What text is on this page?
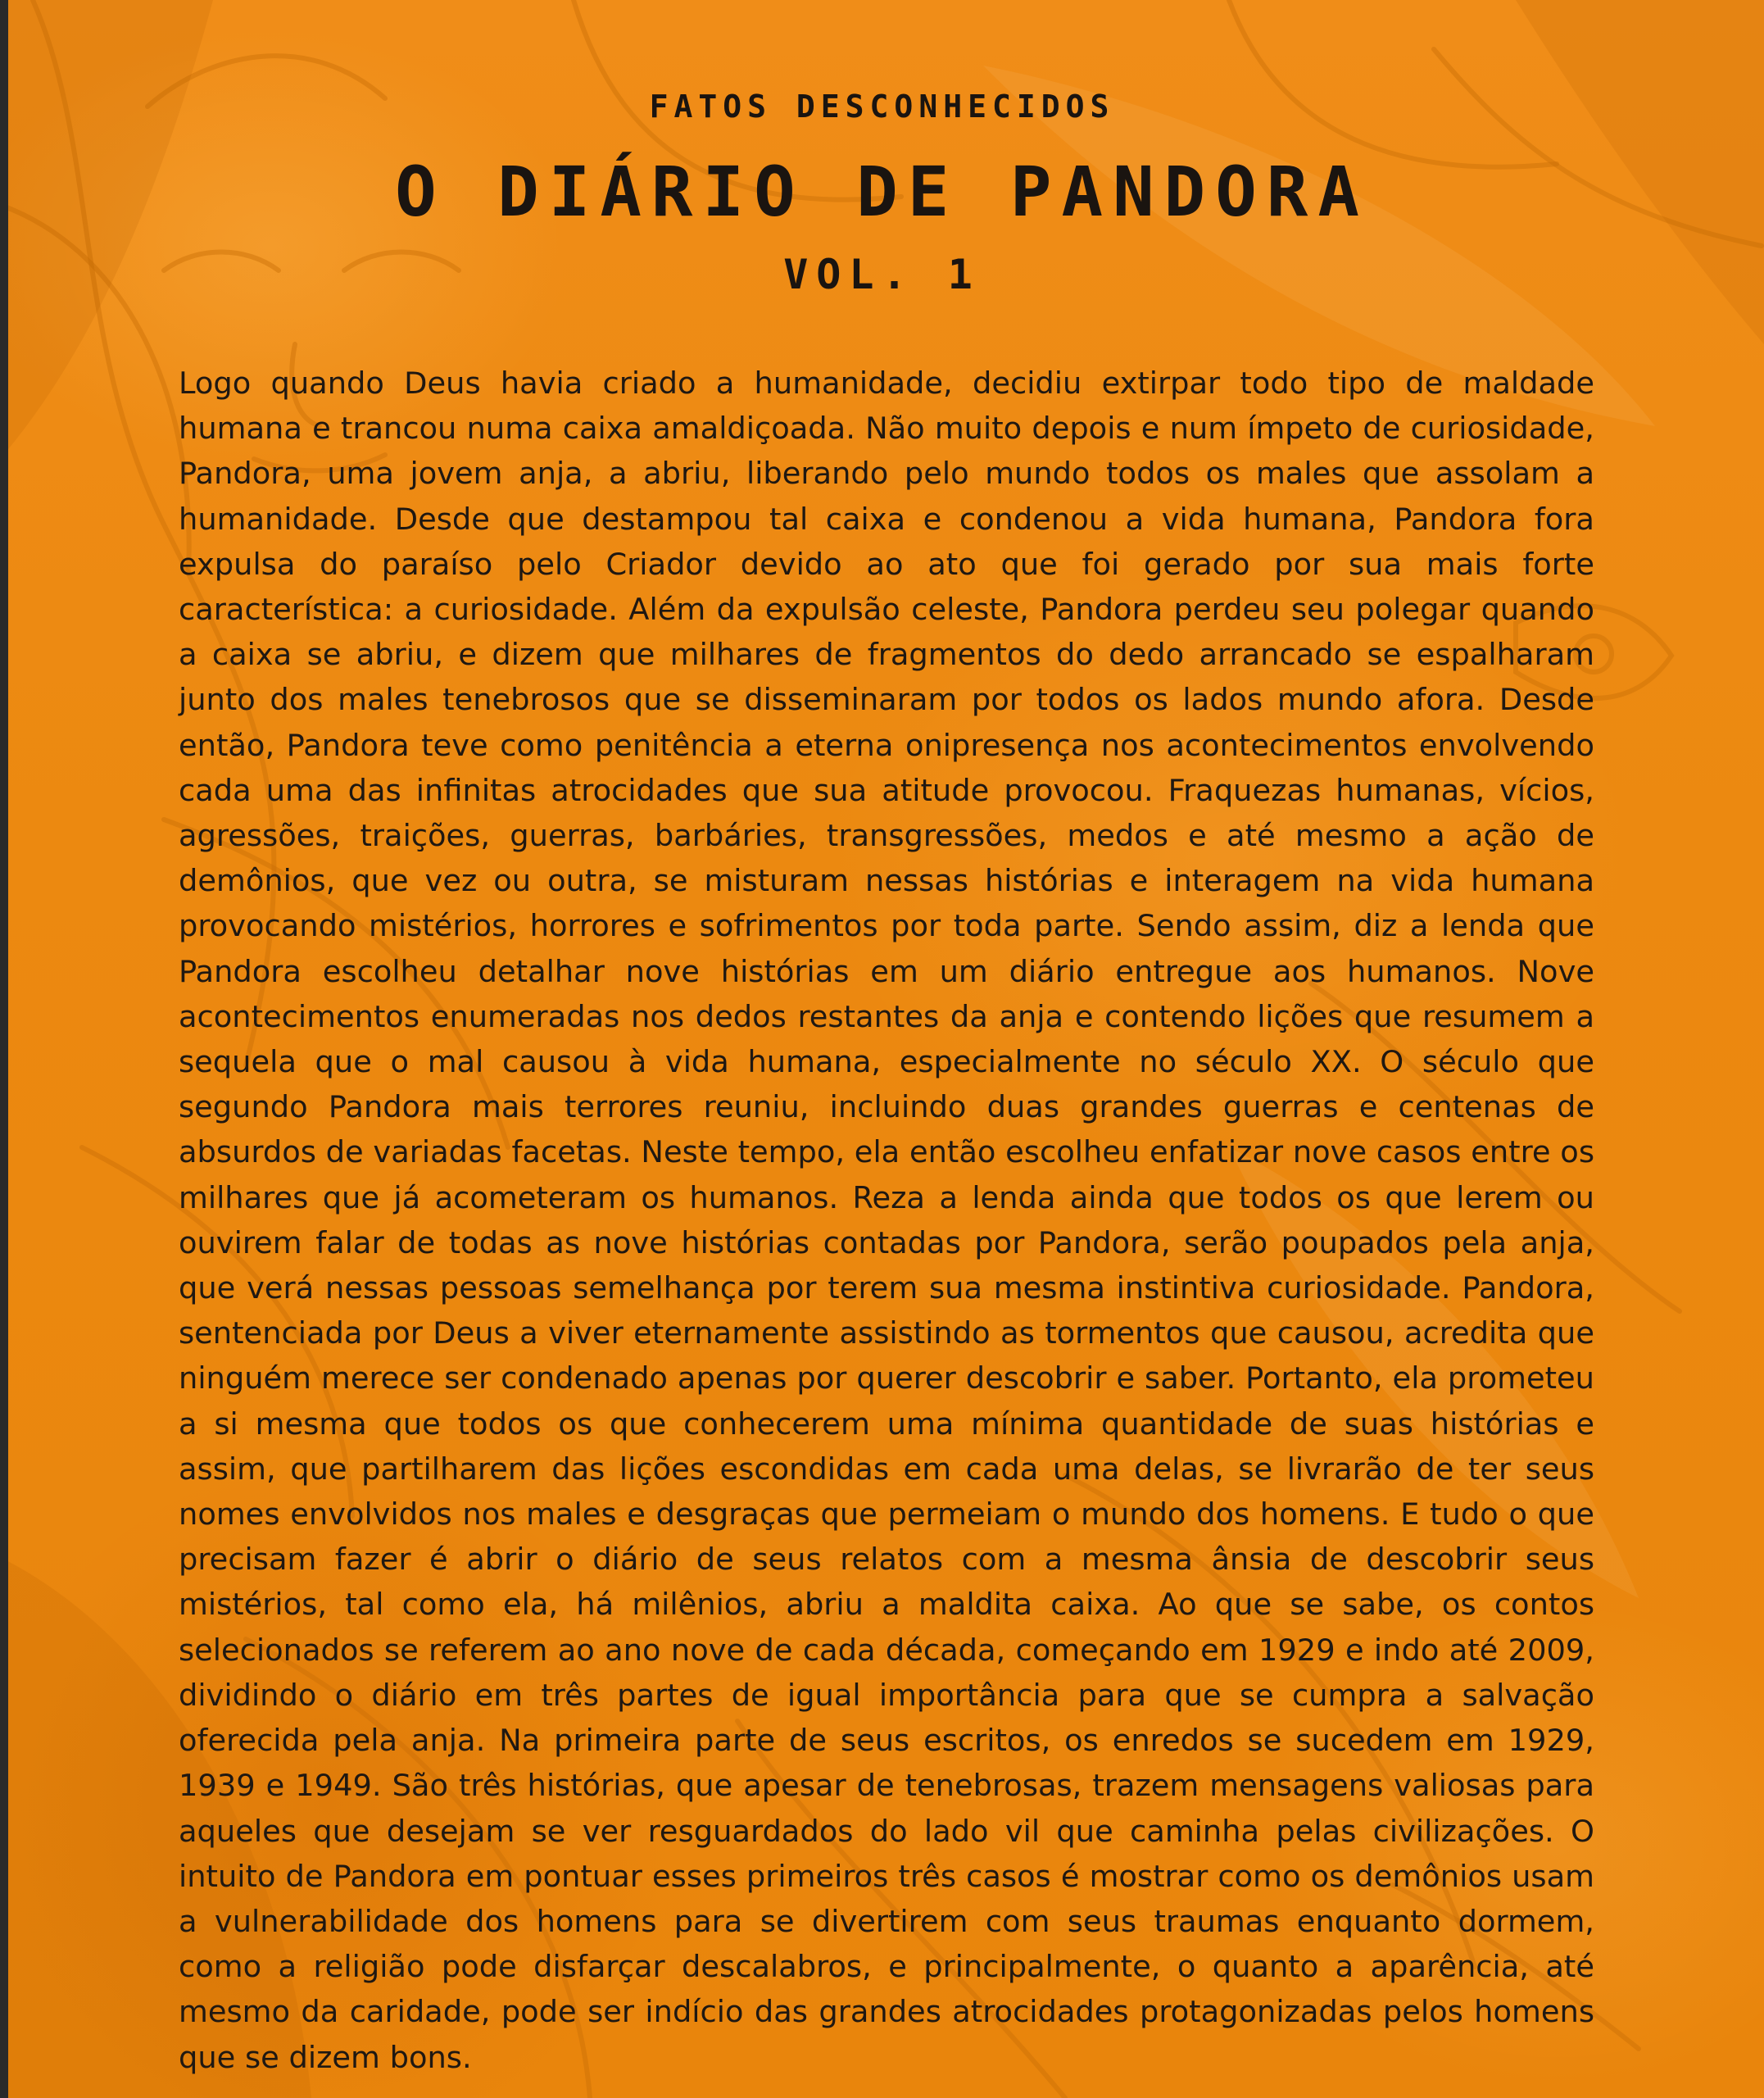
FATOS DESCONHECIDOS
O DIÁRIO DE PANDORA
VOL. 1

Logo quando Deus havia criado a humanidade, decidiu extirpar todo tipo de maldade humana e trancou numa caixa amaldiçoada. Não muito depois e num ímpeto de curiosidade, Pandora, uma jovem anja, a abriu, liberando pelo mundo todos os males que assolam a humanidade. Desde que destampou tal caixa e condenou a vida humana, Pandora fora expulsa do paraíso pelo Criador devido ao ato que foi gerado por sua mais forte característica: a curiosidade. Além da expulsão celeste, Pandora perdeu seu polegar quando a caixa se abriu, e dizem que milhares de fragmentos do dedo arrancado se espalharam junto dos males tenebrosos que se disseminaram por todos os lados mundo afora. Desde então, Pandora teve como penitência a eterna onipresença nos acontecimentos envolvendo cada uma das infinitas atrocidades que sua atitude provocou. Fraquezas humanas, vícios, agressões, traições, guerras, barbáries, transgressões, medos e até mesmo a ação de demônios, que vez ou outra, se misturam nessas histórias e interagem na vida humana provocando mistérios, horrores e sofrimentos por toda parte. Sendo assim, diz a lenda que Pandora escolheu detalhar nove histórias em um diário entregue aos humanos. Nove acontecimentos enumeradas nos dedos restantes da anja e contendo lições que resumem a sequela que o mal causou à vida humana, especialmente no século XX. O século que segundo Pandora mais terrores reuniu, incluindo duas grandes guerras e centenas de absurdos de variadas facetas. Neste tempo, ela então escolheu enfatizar nove casos entre os milhares que já acometeram os humanos. Reza a lenda ainda que todos os que lerem ou ouvirem falar de todas as nove histórias contadas por Pandora, serão poupados pela anja, que verá nessas pessoas semelhança por terem sua mesma instintiva curiosidade. Pandora, sentenciada por Deus a viver eternamente assistindo as tormentos que causou, acredita que ninguém merece ser condenado apenas por querer descobrir e saber. Portanto, ela prometeu a si mesma que todos os que conhecerem uma mínima quantidade de suas histórias e assim, que partilharem das lições escondidas em cada uma delas, se livrarão de ter seus nomes envolvidos nos males e desgraças que permeiam o mundo dos homens. E tudo o que precisam fazer é abrir o diário de seus relatos com a mesma ânsia de descobrir seus mistérios, tal como ela, há milênios, abriu a maldita caixa. Ao que se sabe, os contos selecionados se referem ao ano nove de cada década, começando em 1929 e indo até 2009, dividindo o diário em três partes de igual importância para que se cumpra a salvação oferecida pela anja. Na primeira parte de seus escritos, os enredos se sucedem em 1929, 1939 e 1949. São três histórias, que apesar de tenebrosas, trazem mensagens valiosas para aqueles que desejam se ver resguardados do lado vil que caminha pelas civilizações. O intuito de Pandora em pontuar esses primeiros três casos é mostrar como os demônios usam a vulnerabilidade dos homens para se divertirem com seus traumas enquanto dormem, como a religião pode disfarçar descalabros, e principalmente, o quanto a aparência, até mesmo da caridade, pode ser indício das grandes atrocidades protagonizadas pelos homens que se dizem bons.
